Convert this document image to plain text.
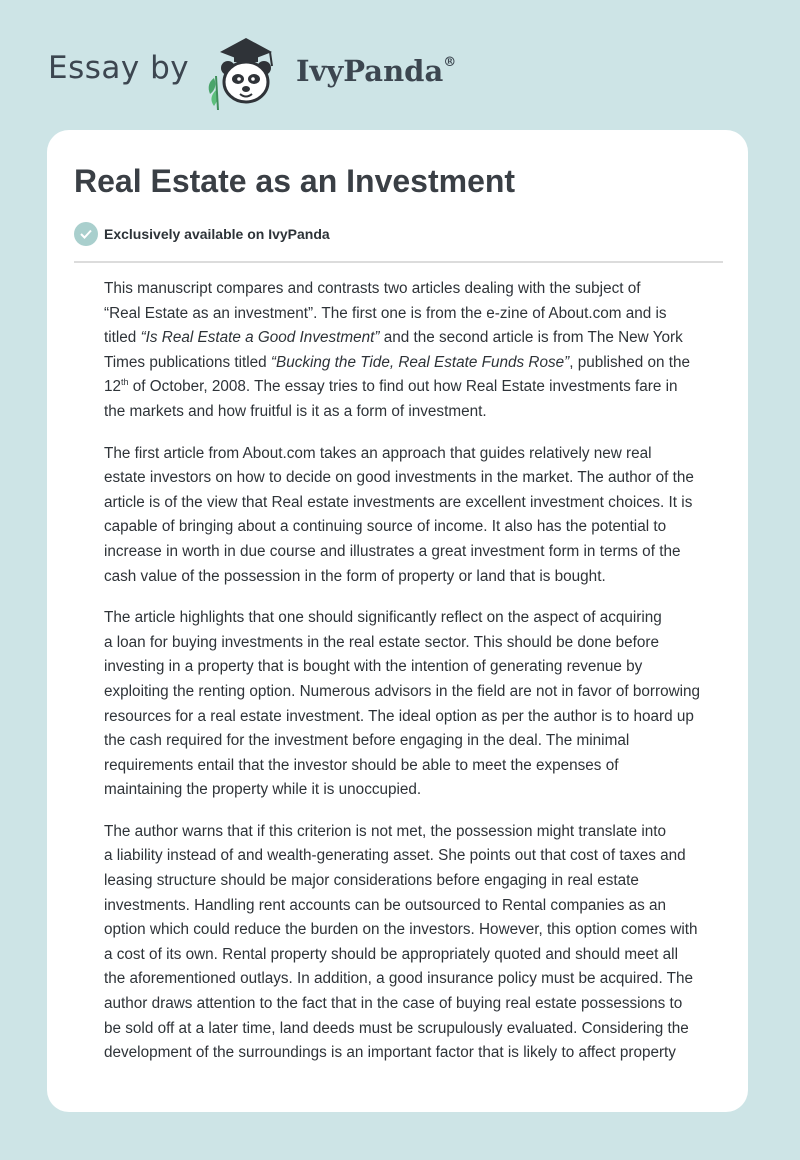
Essay by	IvyPanda®
Real Estate as an Investment
Exclusively available on IvyPanda

This manuscript compares and contrasts two articles dealing with the subject of
“Real Estate as an investment”. The first one is from the e-zine of About.com and is
titled “Is Real Estate a Good Investment” and the second article is from The New York
Times publications titled “Bucking the Tide, Real Estate Funds Rose”, published on the
12th of October, 2008. The essay tries to find out how Real Estate investments fare in
the markets and how fruitful is it as a form of investment.

The first article from About.com takes an approach that guides relatively new real
estate investors on how to decide on good investments in the market. The author of the
article is of the view that Real estate investments are excellent investment choices. It is
capable of bringing about a continuing source of income. It also has the potential to
increase in worth in due course and illustrates a great investment form in terms of the
cash value of the possession in the form of property or land that is bought.

The article highlights that one should significantly reflect on the aspect of acquiring
a loan for buying investments in the real estate sector. This should be done before
investing in a property that is bought with the intention of generating revenue by
exploiting the renting option. Numerous advisors in the field are not in favor of borrowing
resources for a real estate investment. The ideal option as per the author is to hoard up
the cash required for the investment before engaging in the deal. The minimal
requirements entail that the investor should be able to meet the expenses of
maintaining the property while it is unoccupied.

The author warns that if this criterion is not met, the possession might translate into
a liability instead of and wealth-generating asset. She points out that cost of taxes and
leasing structure should be major considerations before engaging in real estate
investments. Handling rent accounts can be outsourced to Rental companies as an
option which could reduce the burden on the investors. However, this option comes with
a cost of its own. Rental property should be appropriately quoted and should meet all
the aforementioned outlays. In addition, a good insurance policy must be acquired. The
author draws attention to the fact that in the case of buying real estate possessions to
be sold off at a later time, land deeds must be scrupulously evaluated. Considering the
development of the surroundings is an important factor that is likely to affect property
